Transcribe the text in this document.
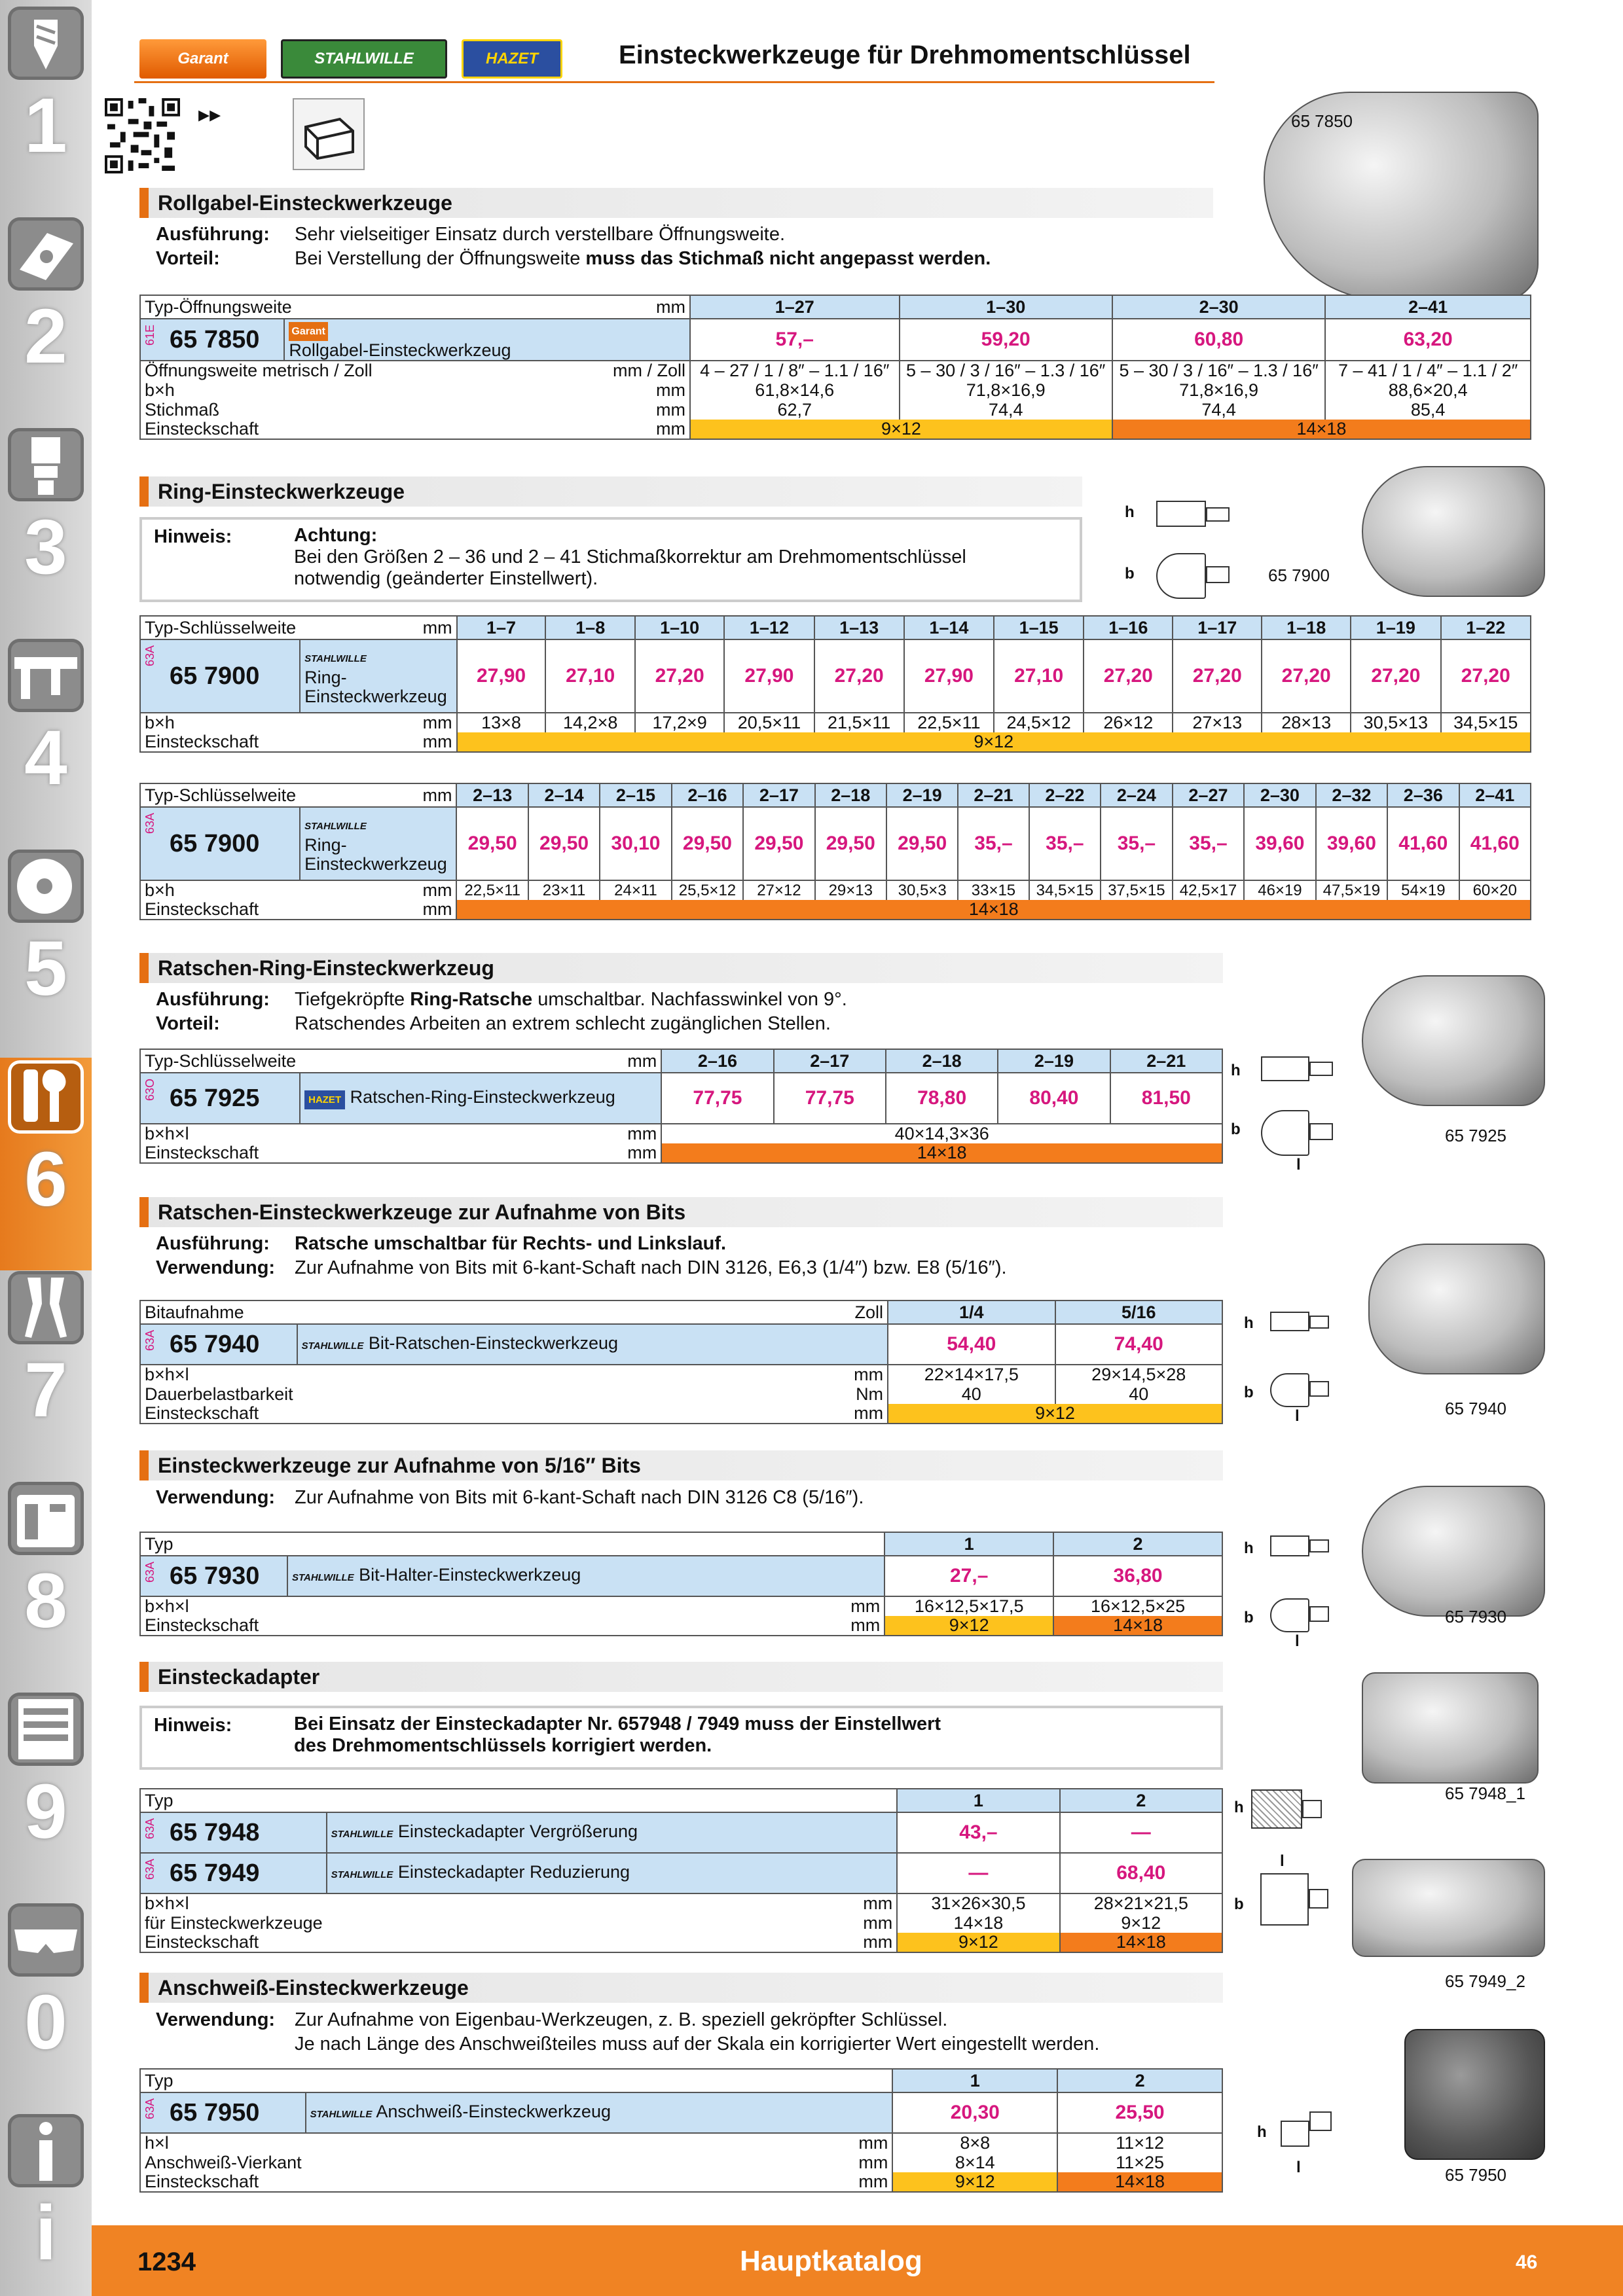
1
2
3
4
5
6
7
8
9
0
i
Garant	STAHLWILLE	HAZET	Einsteckwerkzeuge für Drehmomentschlüssel
▸▸	65 7850
Rollgabel-Einsteckwerkzeuge
Ausführung: Sehr vielseitiger Einsatz durch verstellbare Öffnungsweite.
Vorteil:	Bei Verstellung der Öffnungsweite muss das Stichmaß nicht angepasst werden.
Typ-Öffnungsweite		mm	1–27	1–30	2–30	2–41

61E 65 7850	Garant
Rollgabel-Einsteckwerkzeug		57,–	59,20	60,80	63,20
Öffnungsweite metrisch / Zoll		mm / Zoll	4 – 27 / 1 / 8″ – 1.1 / 16″	5 – 30 / 3 / 16″ – 1.3 / 16″	5 – 30 / 3 / 16″ – 1.3 / 16″	7 – 41 / 1 / 4″ – 1.1 / 2″
b×h		mm	61,8×14,6	71,8×16,9	71,8×16,9	88,6×20,4
Stichmaß		mm	62,7	74,4	74,4	85,4
Einsteckschaft		mm	9×12		14×18	
Ring-Einsteckwerkzeuge
Hinweis:	Achtung:
Bei den Größen 2 – 36 und 2 – 41 Stichmaßkorrektur am Drehmomentschlüssel
notwendig (geänderter Einstellwert).
h
b	65 7900
Typ-Schlüsselweite	mm	1–7	1–8	1–10	1–12	1–13	1–14	1–15	1–16	1–17	1–18	1–19	1–22

63A
65 7900	STAHLWILLE
Ring-Einsteckwerkzeug	27,90	27,10	27,20	27,90	27,20	27,90	27,10	27,20	27,20	27,20	27,20	27,20
b×h	mm	13×8	14,2×8	17,2×9	20,5×11	21,5×11	22,5×11	24,5×12	26×12	27×13	28×13	30,5×13	34,5×15
Einsteckschaft	mm	9×12											
Typ-Schlüsselweite	mm	2–13	2–14	2–15	2–16	2–17	2–18	2–19	2–21	2–22	2–24	2–27	2–30	2–32	2–36	2–41

63A
65 7900	STAHLWILLE
Ring-Einsteckwerkzeug	29,50	29,50	30,10	29,50	29,50	29,50	29,50	35,–	35,–	35,–	35,–	39,60	39,60	41,60	41,60
b×h	mm	22,5×11	23×11	24×11	25,5×12	27×12	29×13	30,5×3	33×15	34,5×15	37,5×15	42,5×17	46×19	47,5×19	54×19	60×20
Einsteckschaft	mm	14×18														
Ratschen-Ring-Einsteckwerkzeug
Ausführung: Tiefgekröpfte Ring-Ratsche umschaltbar. Nachfasswinkel von 9°.
Vorteil:	Ratschendes Arbeiten an extrem schlecht zugänglichen Stellen.
Typ-Schlüsselweite	mm	2–16	2–17	2–18	2–19	2–21

63O 65 7925	HAZET Ratschen-Ring-Einsteckwerkzeug	77,75	77,75	78,80	80,40	81,50
b×h×l	mm	40×14,3×36				
Einsteckschaft	mm	14×18				
h
b
l
65 7925
Ratschen-Einsteckwerkzeuge zur Aufnahme von Bits
Ausführung: Ratsche umschaltbar für Rechts- und Linkslauf.
Verwendung: Zur Aufnahme von Bits mit 6-kant-Schaft nach DIN 3126, E6,3 (1/4″) bzw. E8 (5/16″).
Bitaufnahme	Zoll	1/4	5/16

63A 65 7940	STAHLWILLE Bit-Ratschen-Einsteckwerkzeug	54,40	74,40
b×h×l	mm	22×14×17,5	29×14,5×28
Dauerbelastbarkeit	Nm	40	40
Einsteckschaft	mm	9×12	
h
b
l	65 7940
Einsteckwerkzeuge zur Aufnahme von 5/16″ Bits
Verwendung: Zur Aufnahme von Bits mit 6-kant-Schaft nach DIN 3126 C8 (5/16″).
Typ		1	2

63A 65 7930	STAHLWILLE Bit-Halter-Einsteckwerkzeug	27,–	36,80
b×h×l	mm	16×12,5×17,5	16×12,5×25
Einsteckschaft	mm	9×12	14×18
h
b
l
65 7930
Einsteckadapter
Hinweis:	Bei Einsatz der Einsteckadapter Nr. 657948 / 7949 muss der Einstellwert
des Drehmomentschlüssels korrigiert werden.
Typ		1	2

63A 65 7948	STAHLWILLE Einsteckadapter Vergrößerung	43,–	—

63A 65 7949	STAHLWILLE Einsteckadapter Reduzierung	—	68,40
b×h×l	mm	31×26×30,5	28×21×21,5
für Einsteckwerkzeuge	mm	14×18	9×12
Einsteckschaft	mm	9×12	14×18
h
b
l
65 7948_1
65 7949_2
Anschweiß-Einsteckwerkzeuge
Verwendung: Zur Aufnahme von Eigenbau-Werkzeugen, z. B. speziell gekröpfter Schlüssel.
Je nach Länge des Anschweißteiles muss auf der Skala ein korrigierter Wert eingestellt werden.
Typ		1	2

63A 65 7950	STAHLWILLE Anschweiß-Einsteckwerkzeug	20,30	25,50
h×l	mm	8×8	11×12
Anschweiß-Vierkant	mm	8×14	11×25
Einsteckschaft	mm	9×12	14×18
h
l	65 7950
1234	Hauptkatalog	46
